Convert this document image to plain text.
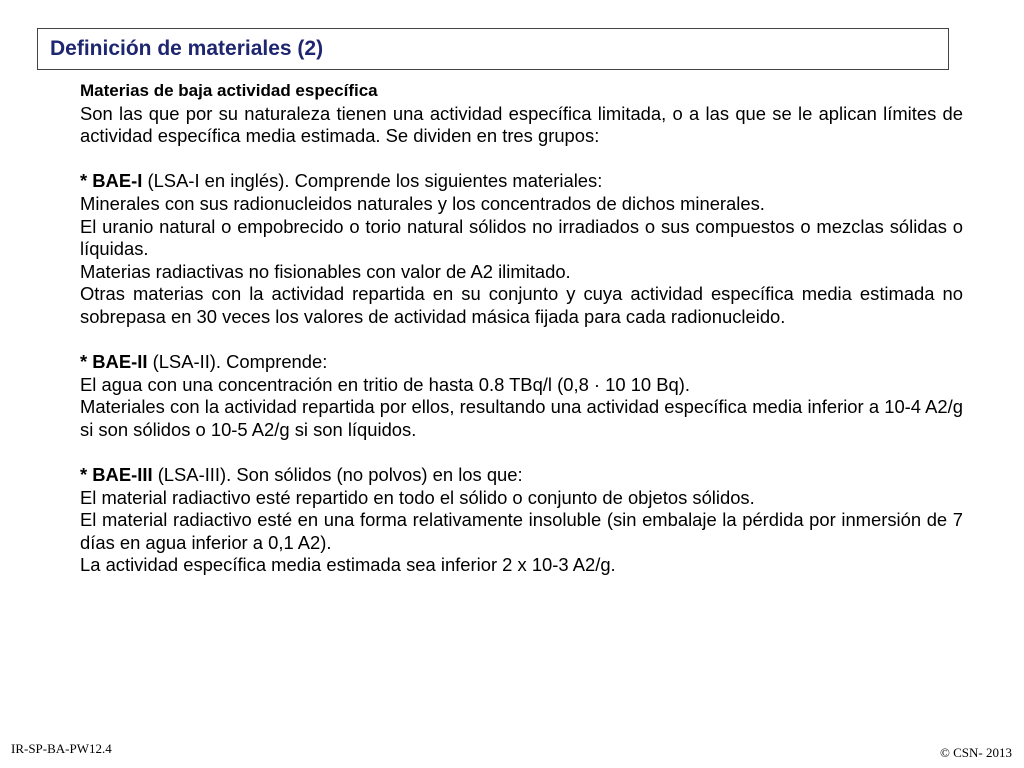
Definición de materiales (2)

Materias de baja actividad específica

Son las que por su naturaleza tienen una actividad específica limitada, o a las que se le aplican límites de actividad específica media estimada. Se dividen en tres grupos:

* BAE-I (LSA-I en inglés). Comprende los siguientes materiales:

Minerales con sus radionucleidos naturales y los concentrados de dichos minerales.

El uranio natural o empobrecido o torio natural sólidos no irradiados o sus compuestos o mezclas sólidas o líquidas.

Materias radiactivas no fisionables con valor de A2 ilimitado.

Otras materias con la actividad repartida en su conjunto y cuya actividad específica media estimada no sobrepasa en 30 veces los valores de actividad másica fijada para cada radionucleido.

* BAE-II (LSA-II). Comprende:

El agua con una concentración en tritio de hasta 0.8 TBq/l (0,8 · 10 10 Bq).

Materiales con la actividad repartida por ellos, resultando una actividad específica media inferior a 10-4 A2/g si son sólidos o 10-5 A2/g si son líquidos.

* BAE-III (LSA-III). Son sólidos (no polvos) en los que:

El material radiactivo esté repartido en todo el sólido o conjunto de objetos sólidos.

El material radiactivo esté en una forma relativamente insoluble (sin embalaje la pérdida por inmersión de 7 días en agua inferior a 0,1 A2).

La actividad específica media estimada sea inferior 2 x 10-3 A2/g.

IR-SP-BA-PW12.4	© CSN- 2013
